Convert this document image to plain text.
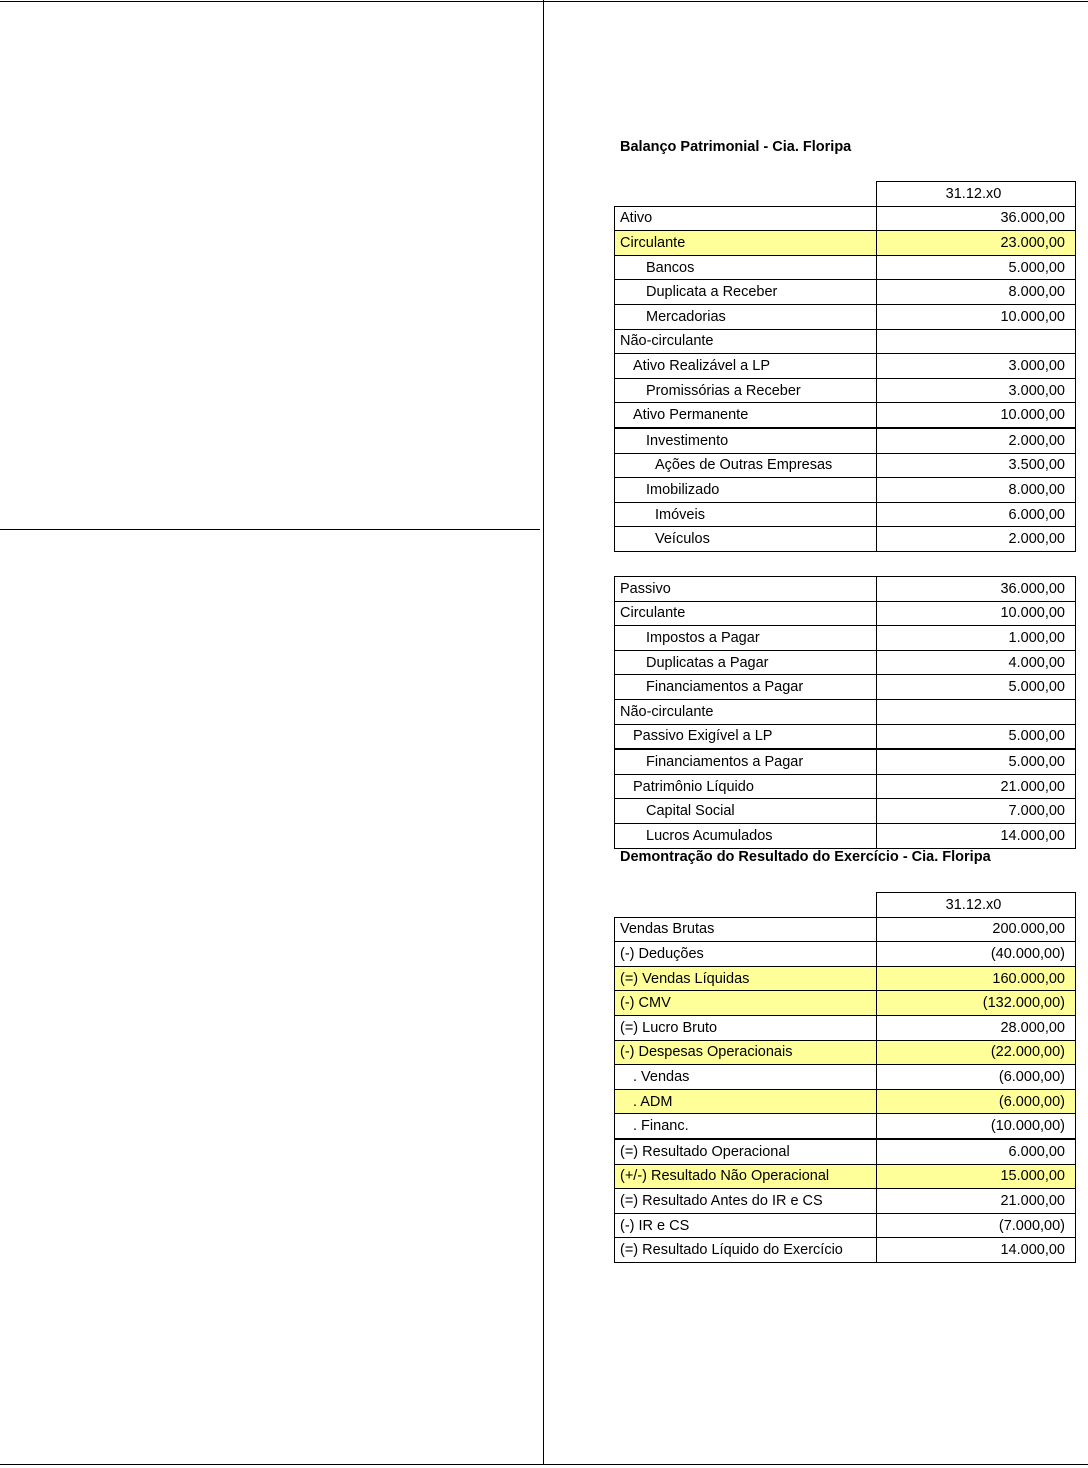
Balanço Patrimonial - Cia. Floripa
	31.12.x0
Ativo	36.000,00
Circulante	23.000,00
Bancos	5.000,00
Duplicata a Receber	8.000,00
Mercadorias	10.000,00
Não-circulante	
Ativo Realizável a LP	3.000,00
Promissórias a Receber	3.000,00
Ativo Permanente	10.000,00
Investimento	2.000,00
Ações de Outras Empresas	3.500,00
Imobilizado	8.000,00
Imóveis	6.000,00
Veículos	2.000,00
Passivo	36.000,00
Circulante	10.000,00
Impostos a Pagar	1.000,00
Duplicatas a Pagar	4.000,00
Financiamentos a Pagar	5.000,00
Não-circulante	
Passivo Exigível a LP	5.000,00
Financiamentos a Pagar	5.000,00
Patrimônio Líquido	21.000,00
Capital Social	7.000,00
Lucros Acumulados	14.000,00
Demontração do Resultado do Exercício - Cia. Floripa
	31.12.x0
Vendas Brutas	200.000,00
(-) Deduções	(40.000,00)
(=) Vendas Líquidas	160.000,00
(-) CMV	(132.000,00)
(=) Lucro Bruto	28.000,00
(-) Despesas Operacionais	(22.000,00)
. Vendas	(6.000,00)
. ADM	(6.000,00)
. Financ.	(10.000,00)
(=) Resultado Operacional	6.000,00
(+/-) Resultado Não Operacional	15.000,00
(=) Resultado Antes do IR e CS	21.000,00
(-) IR e CS	(7.000,00)
(=) Resultado Líquido do Exercício	14.000,00
